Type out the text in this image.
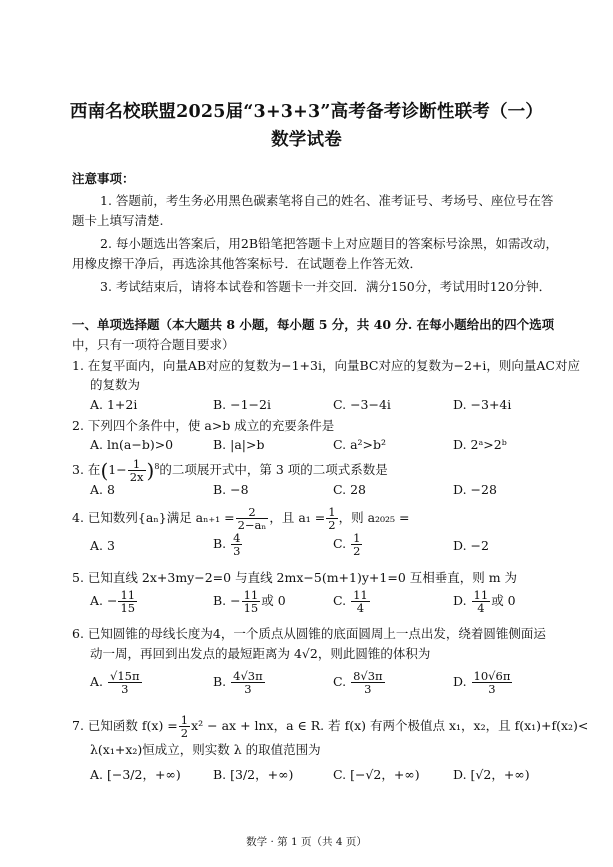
西南名校联盟2025届“3+3+3”高考备考诊断性联考（一）
数学试卷
注意事项：
1. 答题前，考生务必用黑色碳素笔将自己的姓名、准考证号、考场号、座位号在答
题卡上填写清楚.
2. 每小题选出答案后，用2B铅笔把答题卡上对应题目的答案标号涂黑，如需改动，
用橡皮擦干净后，再选涂其他答案标号．在试题卷上作答无效．
3. 考试结束后，请将本试卷和答题卡一并交回．满分150分，考试用时120分钟．
一、单项选择题（本大题共 8 小题，每小题 5 分，共 40 分. 在每小题给出的四个选项
中，只有一项符合题目要求）
1. 在复平面内，向量AB对应的复数为−1+3i，向量BC对应的复数为−2+i，则向量AC对应
的复数为
A. 1+2i	B. −1−2i	C. −3−4i	D. −3+4i
2. 下列四个条件中，使 a>b 成立的充要条件是
A. ln(a−b)>0	B. |a|>b	C. a²>b²	D. 2ᵃ>2ᵇ
3. 在$(1- \frac{1}{2x} )^8$的二项展开式中，第 3 项的二项式系数是
A. 8	B. −8	C. 28	D. −28
4. 已知数列{aₙ}满足 $a_{n+1} = \frac{2}{\text{2−aₙ}}$ ，且 $a_1 = \frac{1}{2}$ ，则 a₂₀₂₅ =
A. 3	B. $\frac{4}{3}$	C. $\frac{1}{2}$	D. −2
5. 已知直线 2x+3my−2=0 与直线 2mx−5(m+1)y+1=0 互相垂直，则 m 为
A. − $\frac{11}{15}$	B. − $\frac{11}{15}$ 或 0	C. $\frac{11}{4}$	D. $\frac{11}{4}$ 或 0
6. 已知圆锥的母线长度为4，一个质点从圆锥的底面圆周上一点出发，绕着圆锥侧面运
动一周，再回到出发点的最短距离为 4√2，则此圆锥的体积为
A. $\frac{√15\pi}{3}$	B. $\frac{4√3\pi}{3}$	C. $\frac{8√3\pi}{3}$	D. $\frac{10√6\pi}{3}$
7. 已知函数 $f(x) = \frac{1}{2} x^2$ − ax + lnx，a ∈ R. 若 f(x) 有两个极值点 x₁，x₂，且 f(x₁)+f(x₂)<
λ(x₁+x₂)恒成立，则实数 λ 的取值范围为
A. [−3/2，+∞)	B. [3/2，+∞)	C. [−√2，+∞)	D. [√2，+∞)
数学 · 第 1 页（共 4 页）
